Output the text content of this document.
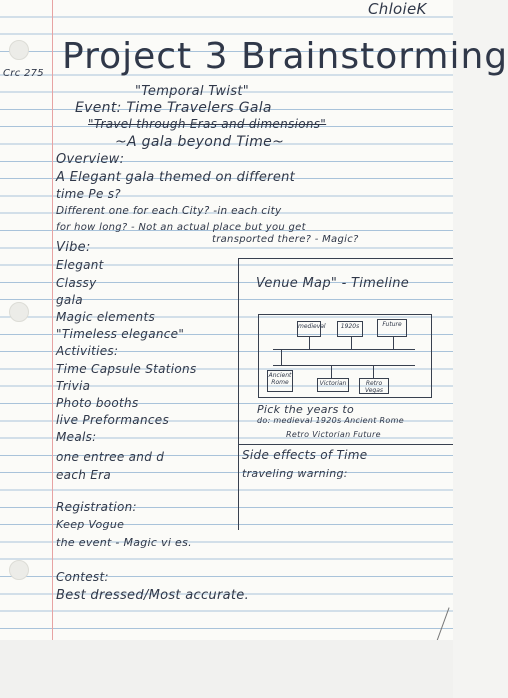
ChloieK
Crc 275 Project 3 Brainstorming
"Temporal Twist"
Event: Time Travelers Gala
"Travel through Eras and dimensions"
~A gala beyond Time~
Overview:
A Elegant gala themed on different
time Pe s?
Different one for each City? -in each city
for how long? - Not an actual place but you get
Vibe:
transported there? - Magic?
Elegant
Classy
gala
Magic elements
"Timeless elegance"
Activities:
Time Capsule Stations
Trivia
Photo booths
live Preformances
Meals:
one entree and d
each Era
Registration:
Keep Vogue
the event - Magic vi es.
Contest:
Best dressed/Most accurate.
Venue Map" - Timeline
medieval	1920s	Future
Ancient Rome	Victorian	Retro Vegas
Pick the years to
do: medieval 1920s Ancient Rome
Retro Victorian Future
Side effects of Time
traveling warning:
